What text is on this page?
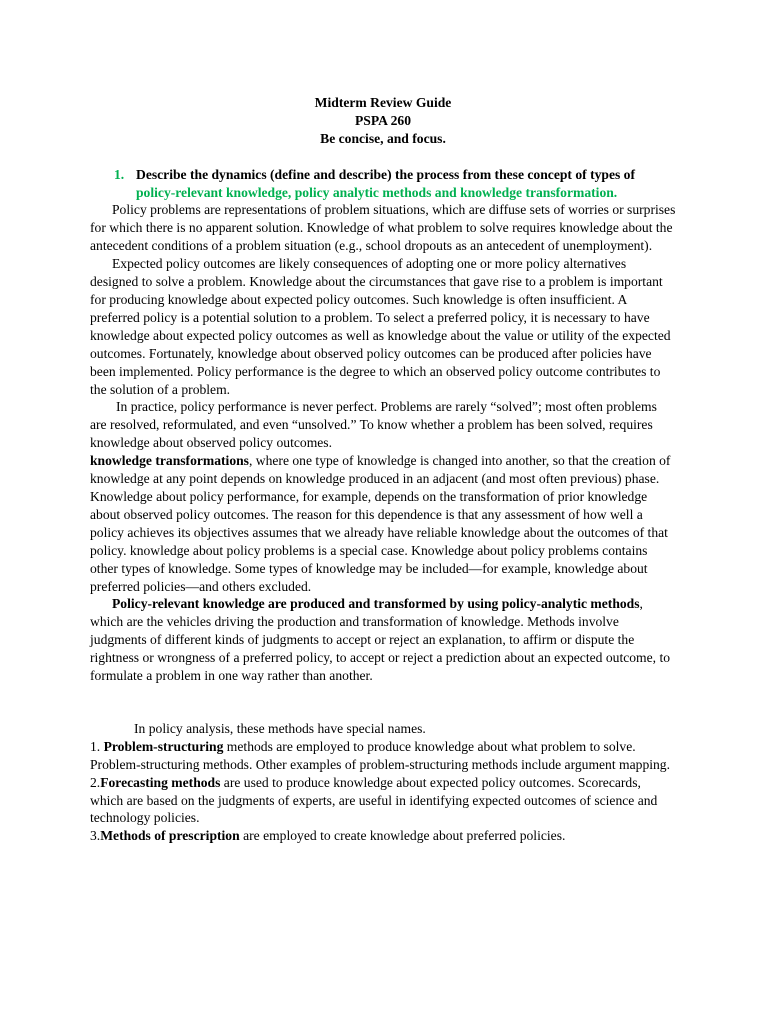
Midterm Review Guide
PSPA 260
Be concise, and focus.
1. Describe the dynamics (define and describe) the process from these concept of types of policy-relevant knowledge, policy analytic methods and knowledge transformation.

Policy problems are representations of problem situations, which are diffuse sets of worries or surprises for which there is no apparent solution. Knowledge of what problem to solve requires knowledge about the antecedent conditions of a problem situation (e.g., school dropouts as an antecedent of unemployment).

Expected policy outcomes are likely consequences of adopting one or more policy alternatives designed to solve a problem. Knowledge about the circumstances that gave rise to a problem is important for producing knowledge about expected policy outcomes. Such knowledge is often insufficient. A preferred policy is a potential solution to a problem. To select a preferred policy, it is necessary to have knowledge about expected policy outcomes as well as knowledge about the value or utility of the expected outcomes. Fortunately, knowledge about observed policy outcomes can be produced after policies have been implemented. Policy performance is the degree to which an observed policy outcome contributes to the solution of a problem.

In practice, policy performance is never perfect. Problems are rarely “solved”; most often problems are resolved, reformulated, and even “unsolved.” To know whether a problem has been solved, requires knowledge about observed policy outcomes.

knowledge transformations, where one type of knowledge is changed into another, so that the creation of knowledge at any point depends on knowledge produced in an adjacent (and most often previous) phase. Knowledge about policy performance, for example, depends on the transformation of prior knowledge about observed policy outcomes. The reason for this dependence is that any assessment of how well a policy achieves its objectives assumes that we already have reliable knowledge about the outcomes of that policy. knowledge about policy problems is a special case. Knowledge about policy problems contains other types of knowledge. Some types of knowledge may be included—for example, knowledge about preferred policies—and others excluded.

Policy-relevant knowledge are produced and transformed by using policy-analytic methods, which are the vehicles driving the production and transformation of knowledge. Methods involve judgments of different kinds of judgments to accept or reject an explanation, to affirm or dispute the rightness or wrongness of a preferred policy, to accept or reject a prediction about an expected outcome, to formulate a problem in one way rather than another.

In policy analysis, these methods have special names.

1. Problem-structuring methods are employed to produce knowledge about what problem to solve. Problem-structuring methods. Other examples of problem-structuring methods include argument mapping.

2.Forecasting methods are used to produce knowledge about expected policy outcomes. Scorecards, which are based on the judgments of experts, are useful in identifying expected outcomes of science and technology policies.

3.Methods of prescription are employed to create knowledge about preferred policies.
